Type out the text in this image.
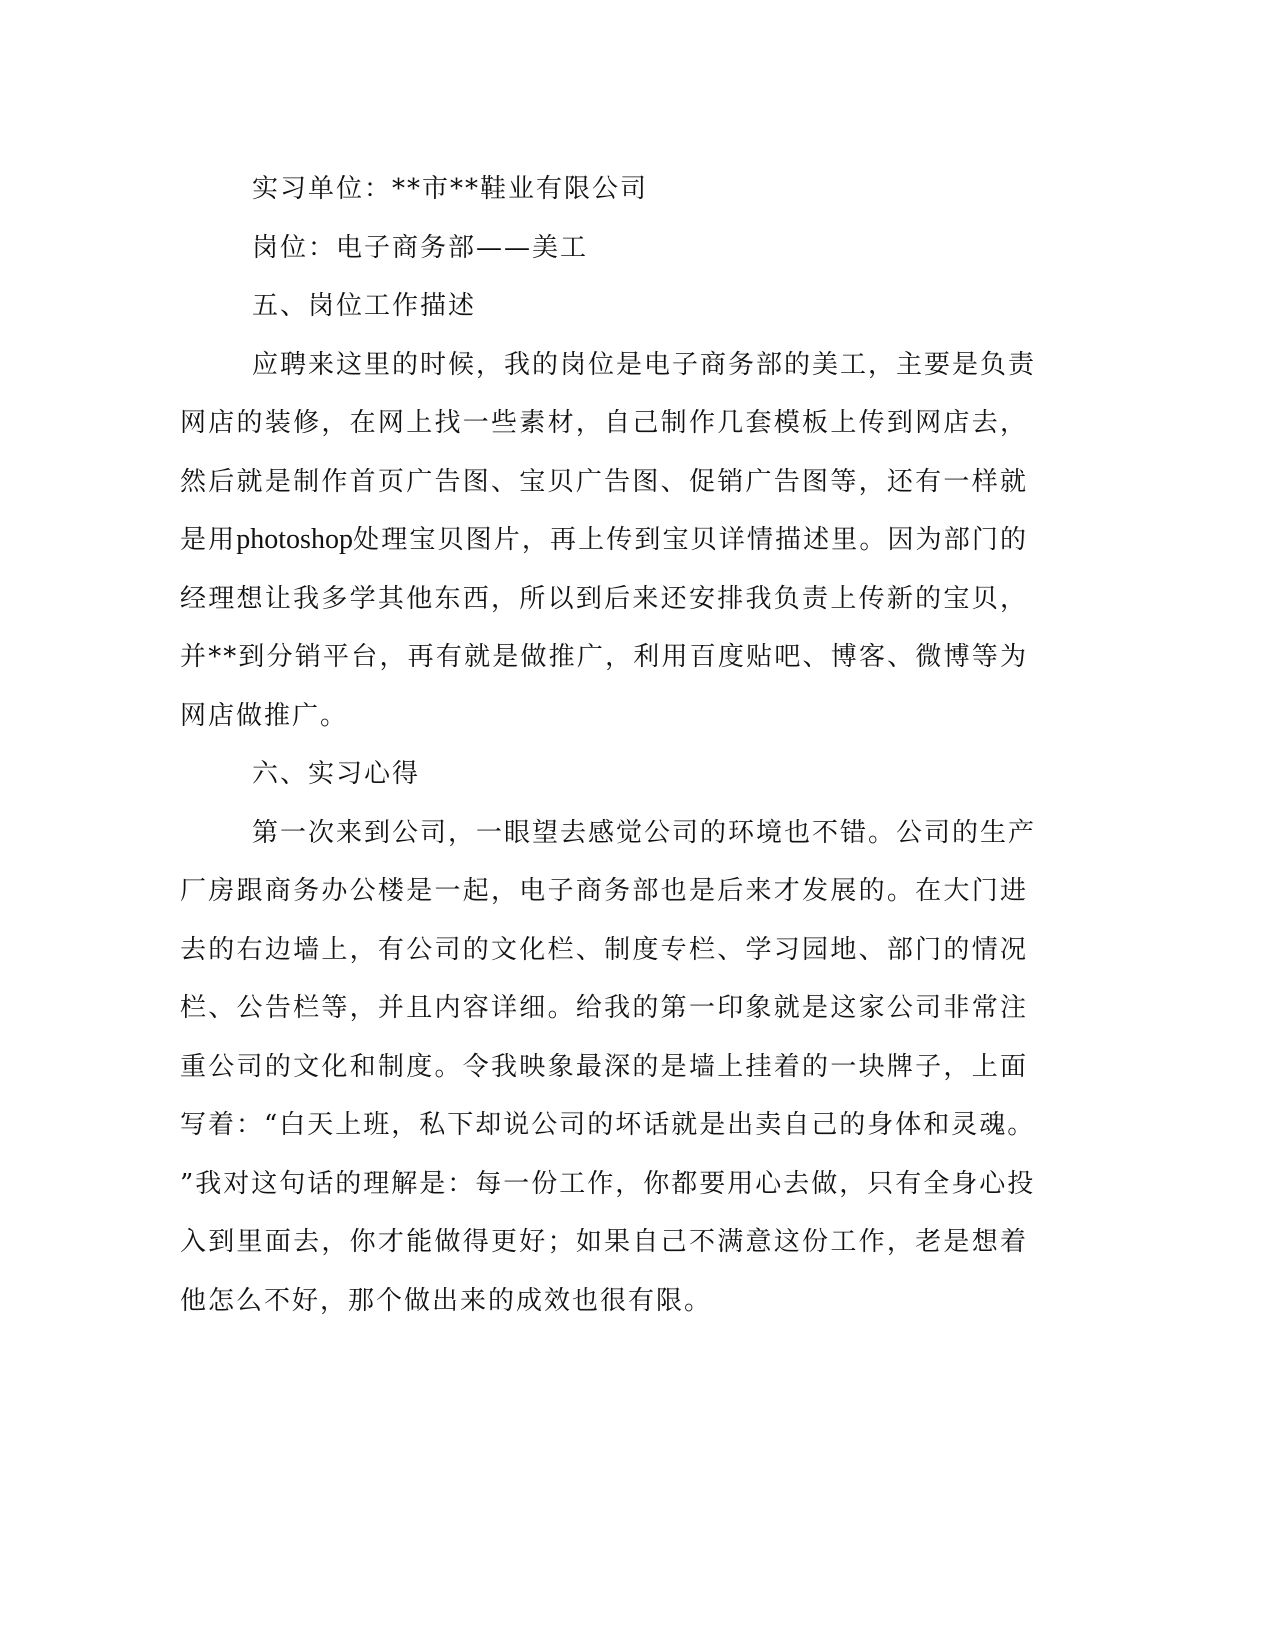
实习单位：**市**鞋业有限公司
岗位：电子商务部——美工
五、岗位工作描述
应聘来这里的时候，我的岗位是电子商务部的美工，主要是负责
网店的装修，在网上找一些素材，自己制作几套模板上传到网店去，
然后就是制作首页广告图、宝贝广告图、促销广告图等，还有一样就
是用photoshop处理宝贝图片，再上传到宝贝详情描述里。因为部门的
经理想让我多学其他东西，所以到后来还安排我负责上传新的宝贝，
并**到分销平台，再有就是做推广，利用百度贴吧、博客、微博等为
网店做推广。
六、实习心得
第一次来到公司，一眼望去感觉公司的环境也不错。公司的生产
厂房跟商务办公楼是一起，电子商务部也是后来才发展的。在大门进
去的右边墙上，有公司的文化栏、制度专栏、学习园地、部门的情况
栏、公告栏等，并且内容详细。给我的第一印象就是这家公司非常注
重公司的文化和制度。令我映象最深的是墙上挂着的一块牌子，上面
写着：“白天上班，私下却说公司的坏话就是出卖自己的身体和灵魂。
”我对这句话的理解是：每一份工作，你都要用心去做，只有全身心投
入到里面去，你才能做得更好；如果自己不满意这份工作，老是想着
他怎么不好，那个做出来的成效也很有限。
